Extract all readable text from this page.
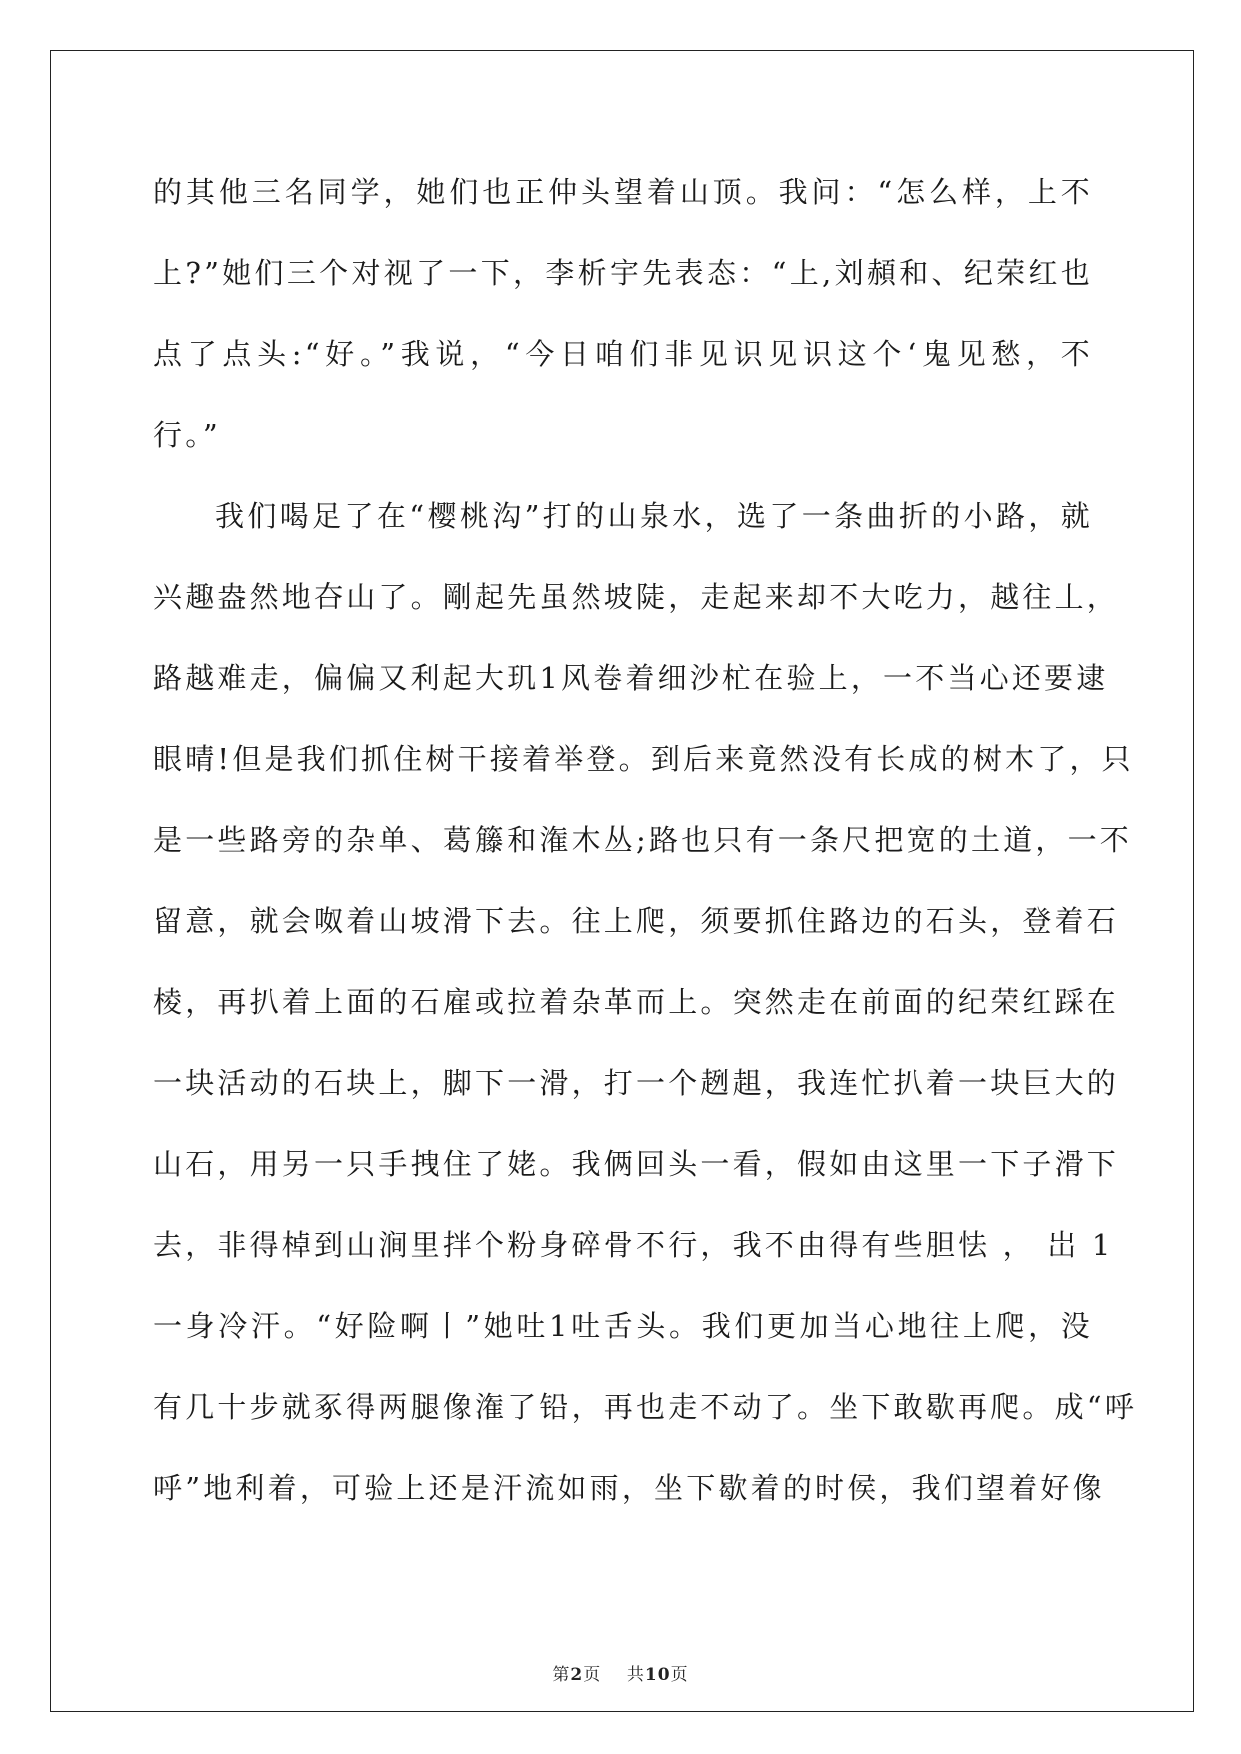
的其他三名同学，她们也正仲头望着山顶。我问：“怎么样，上不
上?”她们三个对视了一下，李析宇先表态：“上,刘頳和、纪荣红也
点了点头:“好。”我说，“今日咱们非见识见识这个‘鬼见愁，不
行。”
我们喝足了在“樱桃沟”打的山泉水，选了一条曲折的小路，就
兴趣盎然地夻山了。剛起先虽然坡陡，走起来却不大吃力，越往丄，
路越难走，偏偏又利起大玑1风卷着细沙杧在验上，一不当心还要逮
眼晴!但是我们抓住树干接着举登。到后来竟然没有长成的树木了，只
是一些路旁的杂单、葛籐和潅木丛;路也只有一条尺把宽的土道，一不
留意，就会呶着山坡滑下去。往上爬，须要抓住路边的石头，登着石
棱，再扒着上面的石雇或拉着杂革而上。突然走在前面的纪荣红踩在
一块活动的石块上，脚下一滑，打一个趔趄，我连忙扒着一块巨大的
山石，用另一只手拽住了姥。我俩回头一看，假如由这里一下子滑下
去，非得棹到山涧里拌个粉身碎骨不行，我不由得有些胆怯 ， 岀 1
一身冷汗。“好险啊丨”她吐1吐舌头。我们更加当心地往上爬，没
有几十步就豖得两腿像潅了铅，再也走不动了。坐下敢歇再爬。成“呼
呼”地利着，可验上还是汗流如雨，坐下歇着的时侯，我们望着好像
第2页 共10页
